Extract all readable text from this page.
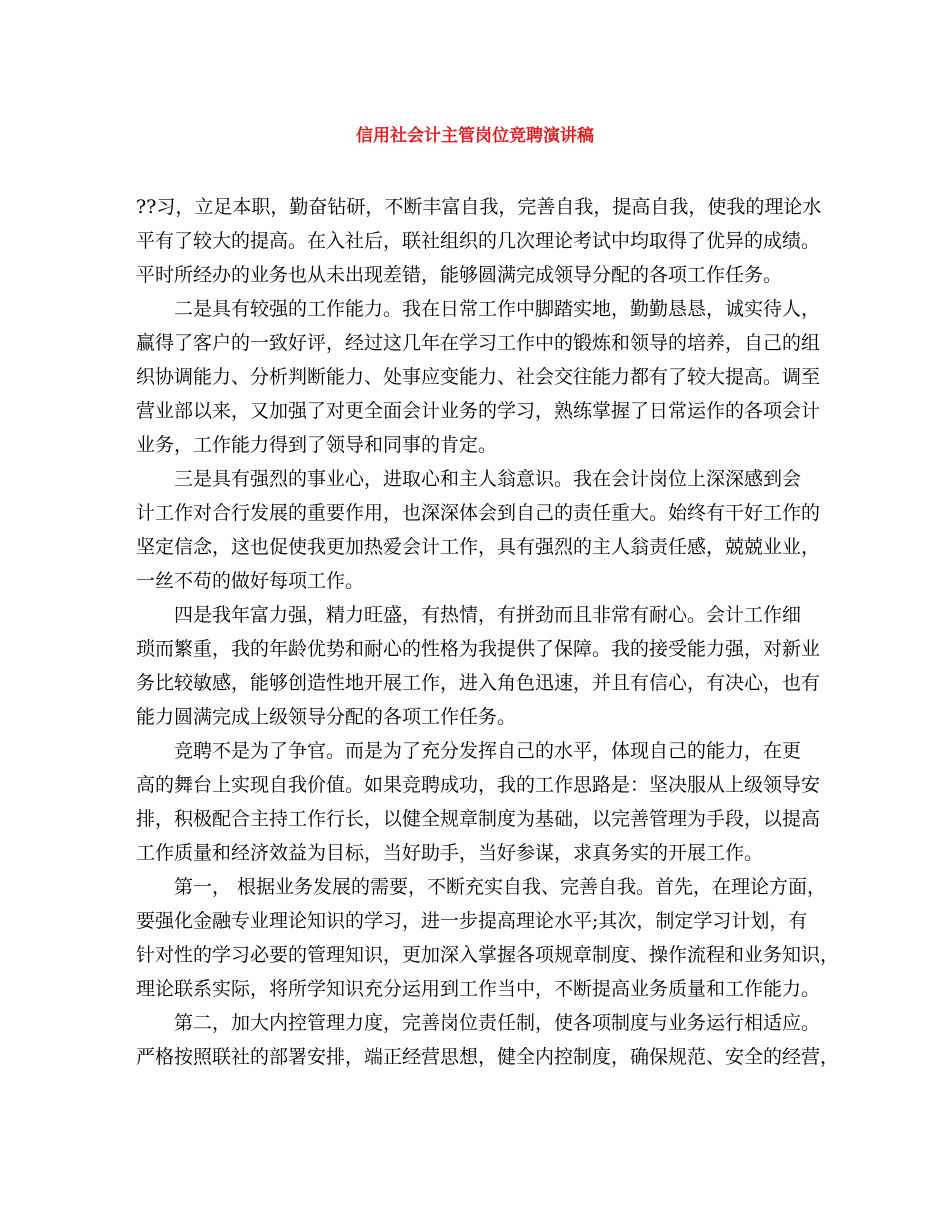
信用社会计主管岗位竞聘演讲稿
??习，立足本职，勤奋钻研，不断丰富自我，完善自我，提高自我，使我的理论水
平有了较大的提高。在入社后，联社组织的几次理论考试中均取得了优异的成绩。
平时所经办的业务也从未出现差错，能够圆满完成领导分配的各项工作任务。
二是具有较强的工作能力。我在日常工作中脚踏实地，勤勤恳恳，诚实待人，
赢得了客户的一致好评，经过这几年在学习工作中的锻炼和领导的培养，自己的组
织协调能力、分析判断能力、处事应变能力、社会交往能力都有了较大提高。调至
营业部以来，又加强了对更全面会计业务的学习，熟练掌握了日常运作的各项会计
业务，工作能力得到了领导和同事的肯定。
三是具有强烈的事业心，进取心和主人翁意识。我在会计岗位上深深感到会
计工作对合行发展的重要作用，也深深体会到自己的责任重大。始终有干好工作的
坚定信念，这也促使我更加热爱会计工作，具有强烈的主人翁责任感，兢兢业业，
一丝不苟的做好每项工作。
四是我年富力强，精力旺盛，有热情，有拼劲而且非常有耐心。会计工作细
琐而繁重，我的年龄优势和耐心的性格为我提供了保障。我的接受能力强，对新业
务比较敏感，能够创造性地开展工作，进入角色迅速，并且有信心，有决心，也有
能力圆满完成上级领导分配的各项工作任务。
竞聘不是为了争官。而是为了充分发挥自己的水平，体现自己的能力，在更
高的舞台上实现自我价值。如果竞聘成功，我的工作思路是：坚决服从上级领导安
排，积极配合主持工作行长，以健全规章制度为基础，以完善管理为手段，以提高
工作质量和经济效益为目标，当好助手，当好参谋，求真务实的开展工作。
第一， 根据业务发展的需要，不断充实自我、完善自我。首先，在理论方面，
要强化金融专业理论知识的学习，进一步提高理论水平;其次，制定学习计划，有
针对性的学习必要的管理知识，更加深入掌握各项规章制度、操作流程和业务知识，
理论联系实际，将所学知识充分运用到工作当中，不断提高业务质量和工作能力。
第二，加大内控管理力度，完善岗位责任制，使各项制度与业务运行相适应。
严格按照联社的部署安排，端正经营思想，健全内控制度，确保规范、安全的经营，
